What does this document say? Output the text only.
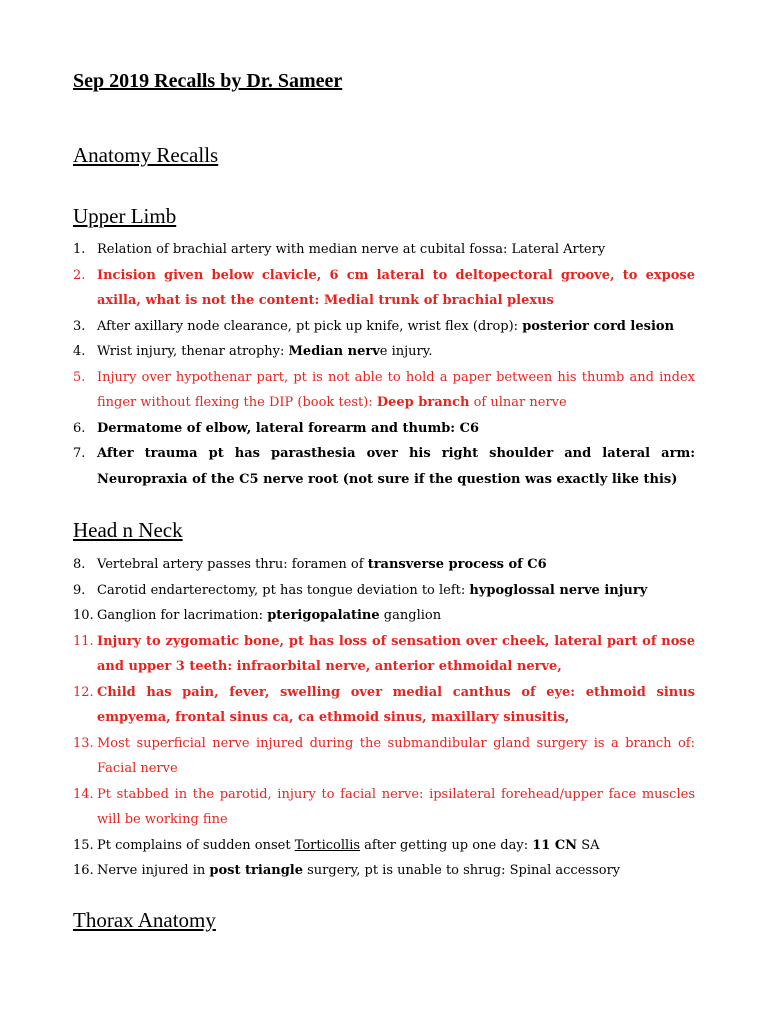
Sep 2019 Recalls by Dr. Sameer
Anatomy Recalls
Upper Limb
1. Relation of brachial artery with median nerve at cubital fossa: Lateral Artery
2. Incision given below clavicle, 6 cm lateral to deltopectoral groove, to expose axilla, what is not the content: Medial trunk of brachial plexus
3. After axillary node clearance, pt pick up knife, wrist flex (drop): posterior cord lesion
4. Wrist injury, thenar atrophy: Median nerve injury.
5. Injury over hypothenar part, pt is not able to hold a paper between his thumb and index finger without flexing the DIP (book test): Deep branch of ulnar nerve
6. Dermatome of elbow, lateral forearm and thumb: C6
7. After trauma pt has parasthesia over his right shoulder and lateral arm: Neuropraxia of the C5 nerve root (not sure if the question was exactly like this)
Head n Neck
8. Vertebral artery passes thru: foramen of transverse process of C6
9. Carotid endarterectomy, pt has tongue deviation to left: hypoglossal nerve injury
10. Ganglion for lacrimation: pterigopalatine ganglion
11. Injury to zygomatic bone, pt has loss of sensation over cheek, lateral part of nose and upper 3 teeth: infraorbital nerve, anterior ethmoidal nerve,
12. Child has pain, fever, swelling over medial canthus of eye: ethmoid sinus empyema, frontal sinus ca, ca ethmoid sinus, maxillary sinusitis,
13. Most superficial nerve injured during the submandibular gland surgery is a branch of: Facial nerve
14. Pt stabbed in the parotid, injury to facial nerve: ipsilateral forehead/upper face muscles will be working fine
15. Pt complains of sudden onset Torticollis after getting up one day: 11 CN SA
16. Nerve injured in post triangle surgery, pt is unable to shrug: Spinal accessory
Thorax Anatomy
